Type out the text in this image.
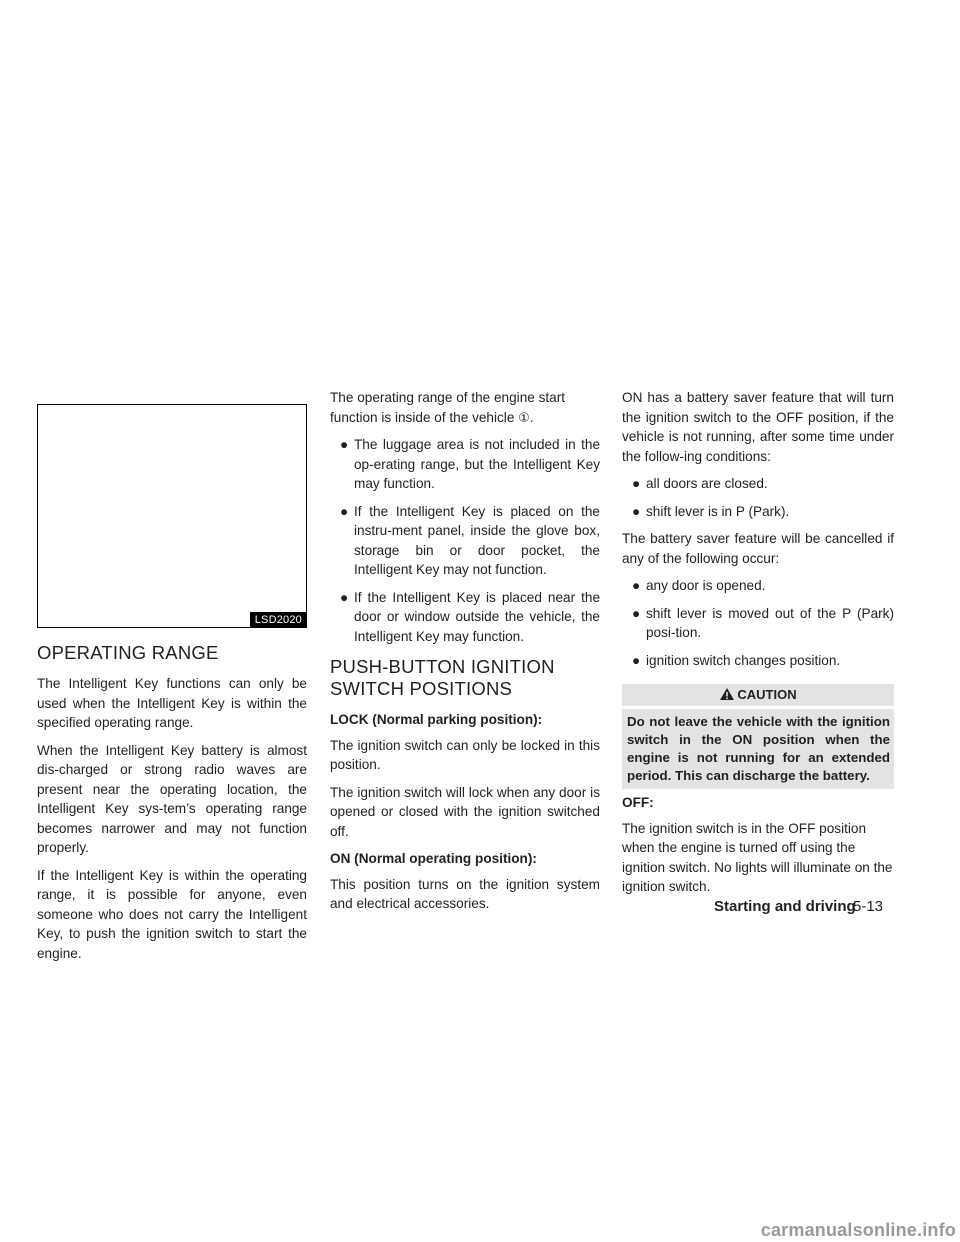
LSD2020
OPERATING RANGE

The Intelligent Key functions can only be used when the Intelligent Key is within the specified operating range.

When the Intelligent Key battery is almost dis-charged or strong radio waves are present near the operating location, the Intelligent Key sys-tem’s operating range becomes narrower and may not function properly.

If the Intelligent Key is within the operating range, it is possible for anyone, even someone who does not carry the Intelligent Key, to push the ignition switch to start the engine.

The operating range of the engine start function is inside of the vehicle ①.

● The luggage area is not included in the op-erating range, but the Intelligent Key may function.
● If the Intelligent Key is placed on the instru-ment panel, inside the glove box, storage bin or door pocket, the Intelligent Key may not function.
● If the Intelligent Key is placed near the door or window outside the vehicle, the Intelligent Key may function.
PUSH-BUTTON IGNITION SWITCH POSITIONS
LOCK (Normal parking position):

The ignition switch can only be locked in this position.

The ignition switch will lock when any door is opened or closed with the ignition switched off.

ON (Normal operating position):

This position turns on the ignition system and electrical accessories.

ON has a battery saver feature that will turn the ignition switch to the OFF position, if the vehicle is not running, after some time under the follow-ing conditions:

● all doors are closed.
● shift lever is in P (Park).

The battery saver feature will be cancelled if any of the following occur:

● any door is opened.
● shift lever is moved out of the P (Park) posi-tion.
● ignition switch changes position.
CAUTION
Do not leave the vehicle with the ignition switch in the ON position when the engine is not running for an extended period. This can discharge the battery.
OFF:

The ignition switch is in the OFF position when the engine is turned off using the ignition switch. No lights will illuminate on the ignition switch.

Starting and driving
5-13
carmanualsonline.info
